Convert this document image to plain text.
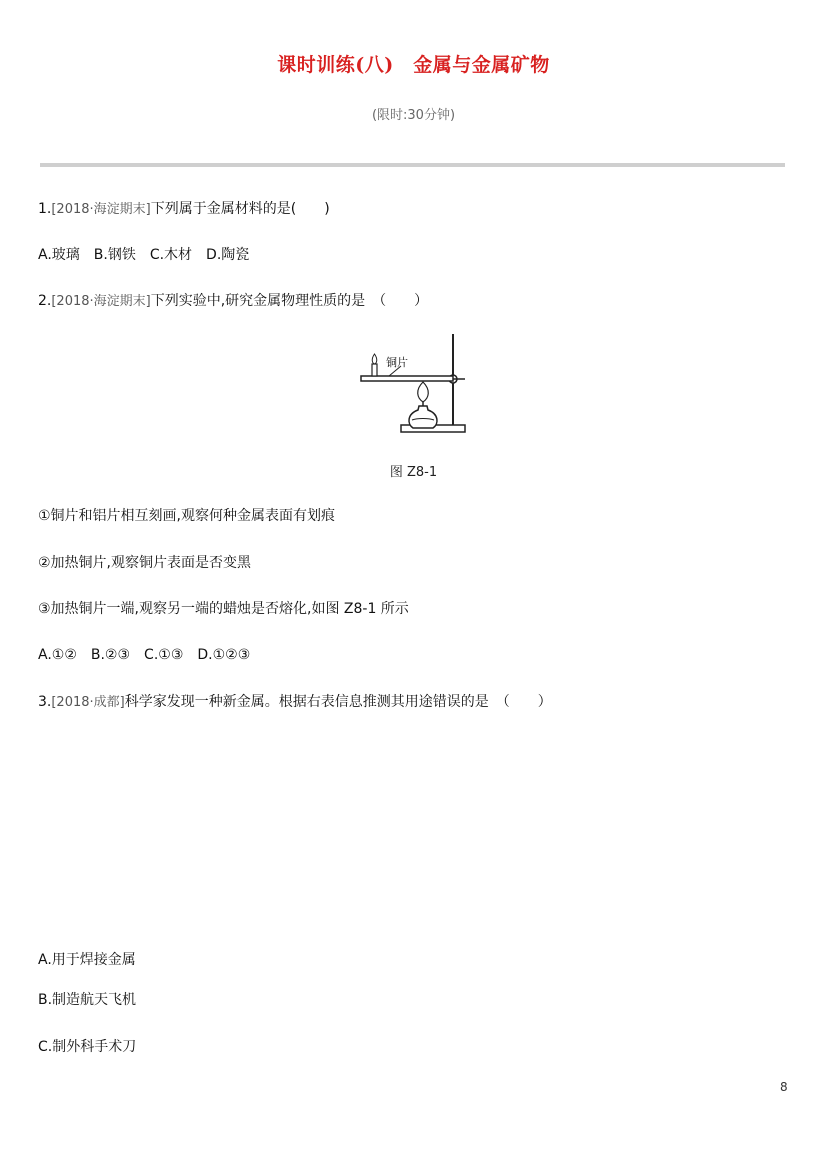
课时训练(八)　金属与金属矿物
(限时:30分钟)
1.[2018·海淀期末]下列属于金属材料的是(　　)
A.玻璃　B.钢铁　C.木材　D.陶瓷
2.[2018·海淀期末]下列实验中,研究金属物理性质的是　（　　）
铜片
图 Z8-1
①铜片和铝片相互刻画,观察何种金属表面有划痕
②加热铜片,观察铜片表面是否变黑
③加热铜片一端,观察另一端的蜡烛是否熔化,如图 Z8-1 所示
A.①②　B.②③　C.①③　D.①②③
3.[2018·成都]科学家发现一种新金属。根据右表信息推测其用途错误的是　（　　）
A.用于焊接金属
B.制造航天飞机
C.制外科手术刀
8
